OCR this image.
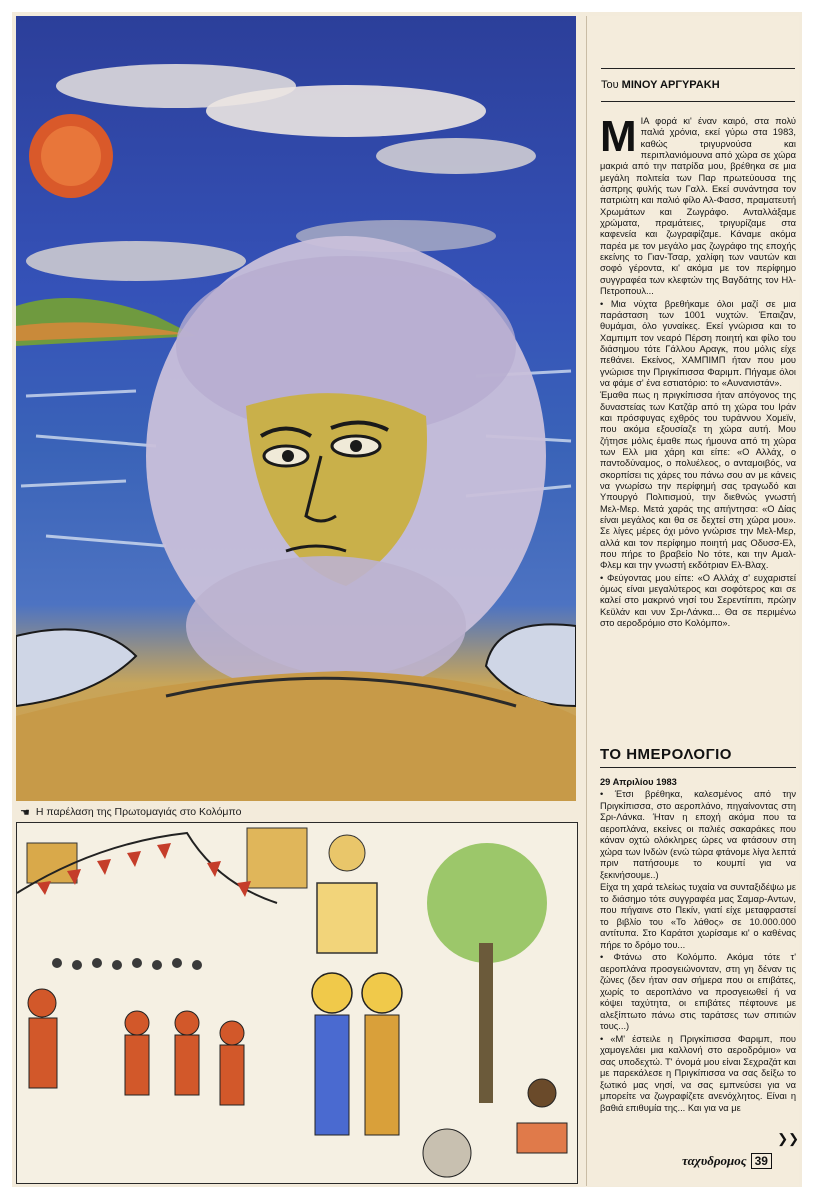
☚ Η παρέλαση της Πρωτομαγιάς στο Κολόμπο
Του ΜΙΝΟΥ ΑΡΓΥΡΑΚΗ
Μ ΙΑ φορά κι' έναν καιρό, στα πολύ παλιά χρόνια, εκεί γύρω στα 1983, καθώς τριγυρνούσα και περιπλανιόμουνα από χώρα σε χώρα μακριά από την πατρίδα μου, βρέθηκα σε μια μεγάλη πολιτεία των Παρ πρωτεύουσα της άσπρης φυλής των Γαλλ. Εκεί συνάντησα τον πατριώτη και παλιό φίλο Αλ-Φασσ, πραματευτή Χρωμάτων και Ζωγράφο. Ανταλλάξαμε χρώματα, πραμάτειες, τριγυρίζαμε στα καφενεία και ζωγραφίζαμε. Κάναμε ακόμα παρέα με τον μεγάλο μας ζωγράφο της εποχής εκείνης το Γιαν-Τσαρ, χαλίφη των ναυτών και σοφό γέροντα, κι' ακόμα με τον περίφημο συγγραφέα των κλεφτών της Βαγδάτης τον Ηλ-Πετροπουλ...

• Μια νύχτα βρεθήκαμε όλοι μαζί σε μια παράσταση των 1001 νυχτών. Έπαιζαν, θυμάμαι, όλο γυναίκες. Εκεί γνώρισα και το Χαμπιμπ τον νεαρό Πέρση ποιητή και φίλο του διάσημου τότε Γάλλου Αραγκ, που μόλις είχε πεθάνει. Εκείνος, ΧΑΜΠΙΜΠ ήταν που μου γνώρισε την Πριγκίπισσα Φαριμπ. Πήγαμε όλοι να φάμε σ' ένα εστιατόριο: το «Αυνανιστάν».

Έμαθα πως η πριγκίπισσα ήταν απόγονος της δυναστείας των Κατζάρ από τη χώρα του Ιράν και πρόσφυγας εχθρός του τυράννου Χομεϊν, που ακόμα εξουσίαζε τη χώρα αυτή. Μου ζήτησε μόλις έμαθε πως ήμουνα από τη χώρα των Ελλ μια χάρη και είπε: «Ο Αλλάχ, ο παντοδύναμος, ο πολυέλεος, ο ανταμοιβός, να σκορπίσει τις χάρες του πάνω σου αν με κάνεις να γνωρίσω την περίφημή σας τραγωδό και Υπουργό Πολιτισμού, την διεθνώς γνωστή Μελ-Μερ. Μετά χαράς της απήντησα: «Ο Δίας είναι μεγάλος και θα σε δεχτεί στη χώρα μου». Σε λίγες μέρες όχι μόνο γνώρισε την Μελ-Μερ, αλλά και τον περίφημο ποιητή μας Οδυσσ-Ελ, που πήρε το βραβείο Νο τότε, και την Αμαλ-Φλεμ και την γνωστή εκδότριαν Ελ-Βλαχ.

• Φεύγοντας μου είπε: «Ο Αλλάχ σ' ευχαριστεί όμως είναι μεγαλύτερος και σοφότερος και σε καλεί στο μακρινό νησί του Σερεντίπιτι, πρώην Κεϋλάν και νυν Σρι-Λάνκα... Θα σε περιμένω στο αεροδρόμιο στο Κολόμπο».

ΤΟ ΗΜΕΡΟΛΟΓΙΟ
29 Απριλίου 1983

• Έτσι βρέθηκα, καλεσμένος από την Πριγκίπισσα, στο αεροπλάνο, πηγαίνοντας στη Σρι-Λάνκα. Ήταν η εποχή ακόμα που τα αεροπλάνα, εκείνες οι παλιές σακαράκες που κάναν οχτώ ολόκληρες ώρες να φτάσουν στη χώρα των Ινδών (ενώ τώρα φτάνομε λίγα λεπτά πριν πατήσουμε το κουμπί για να ξεκινήσουμε..)

Είχα τη χαρά τελείως τυχαία να συνταξιδέψω με το διάσημο τότε συγγραφέα μας Σαμαρ-Αντων, που πήγαινε στο Πεκίν, γιατί είχε μεταφραστεί το βιβλίο του «Το λάθος» σε 10.000.000 αντίτυπα. Στο Καράτσι χωρίσαμε κι' ο καθένας πήρε το δρόμο του...

• Φτάνω στο Κολόμπο. Ακόμα τότε τ' αεροπλάνα προσγειώνονταν, στη γη δέναν τις ζώνες (δεν ήταν σαν σήμερα που οι επιβάτες, χωρίς το αεροπλάνο να προσγειωθεί ή να κόψει ταχύτητα, οι επιβάτες πέφτουνε με αλεξίπτωτο πάνω στις ταράτσες των σπιτιών τους...)

• «Μ' έστειλε η Πριγκίπισσα Φαριμπ, που χαμογελάει μια καλλονή στο αεροδρόμιο» να σας υποδεχτώ. Τ' όνομά μου είναι Σεχραζάτ και με παρεκάλεσε η Πριγκίπισσα να σας δείξω το ξωτικό μας νησί, να σας εμπνεύσει για να μπορείτε να ζωγραφίζετε ανενόχλητος. Είναι η βαθιά επιθυμία της... Και για να με

❯❯
ταχυδρομος 39
